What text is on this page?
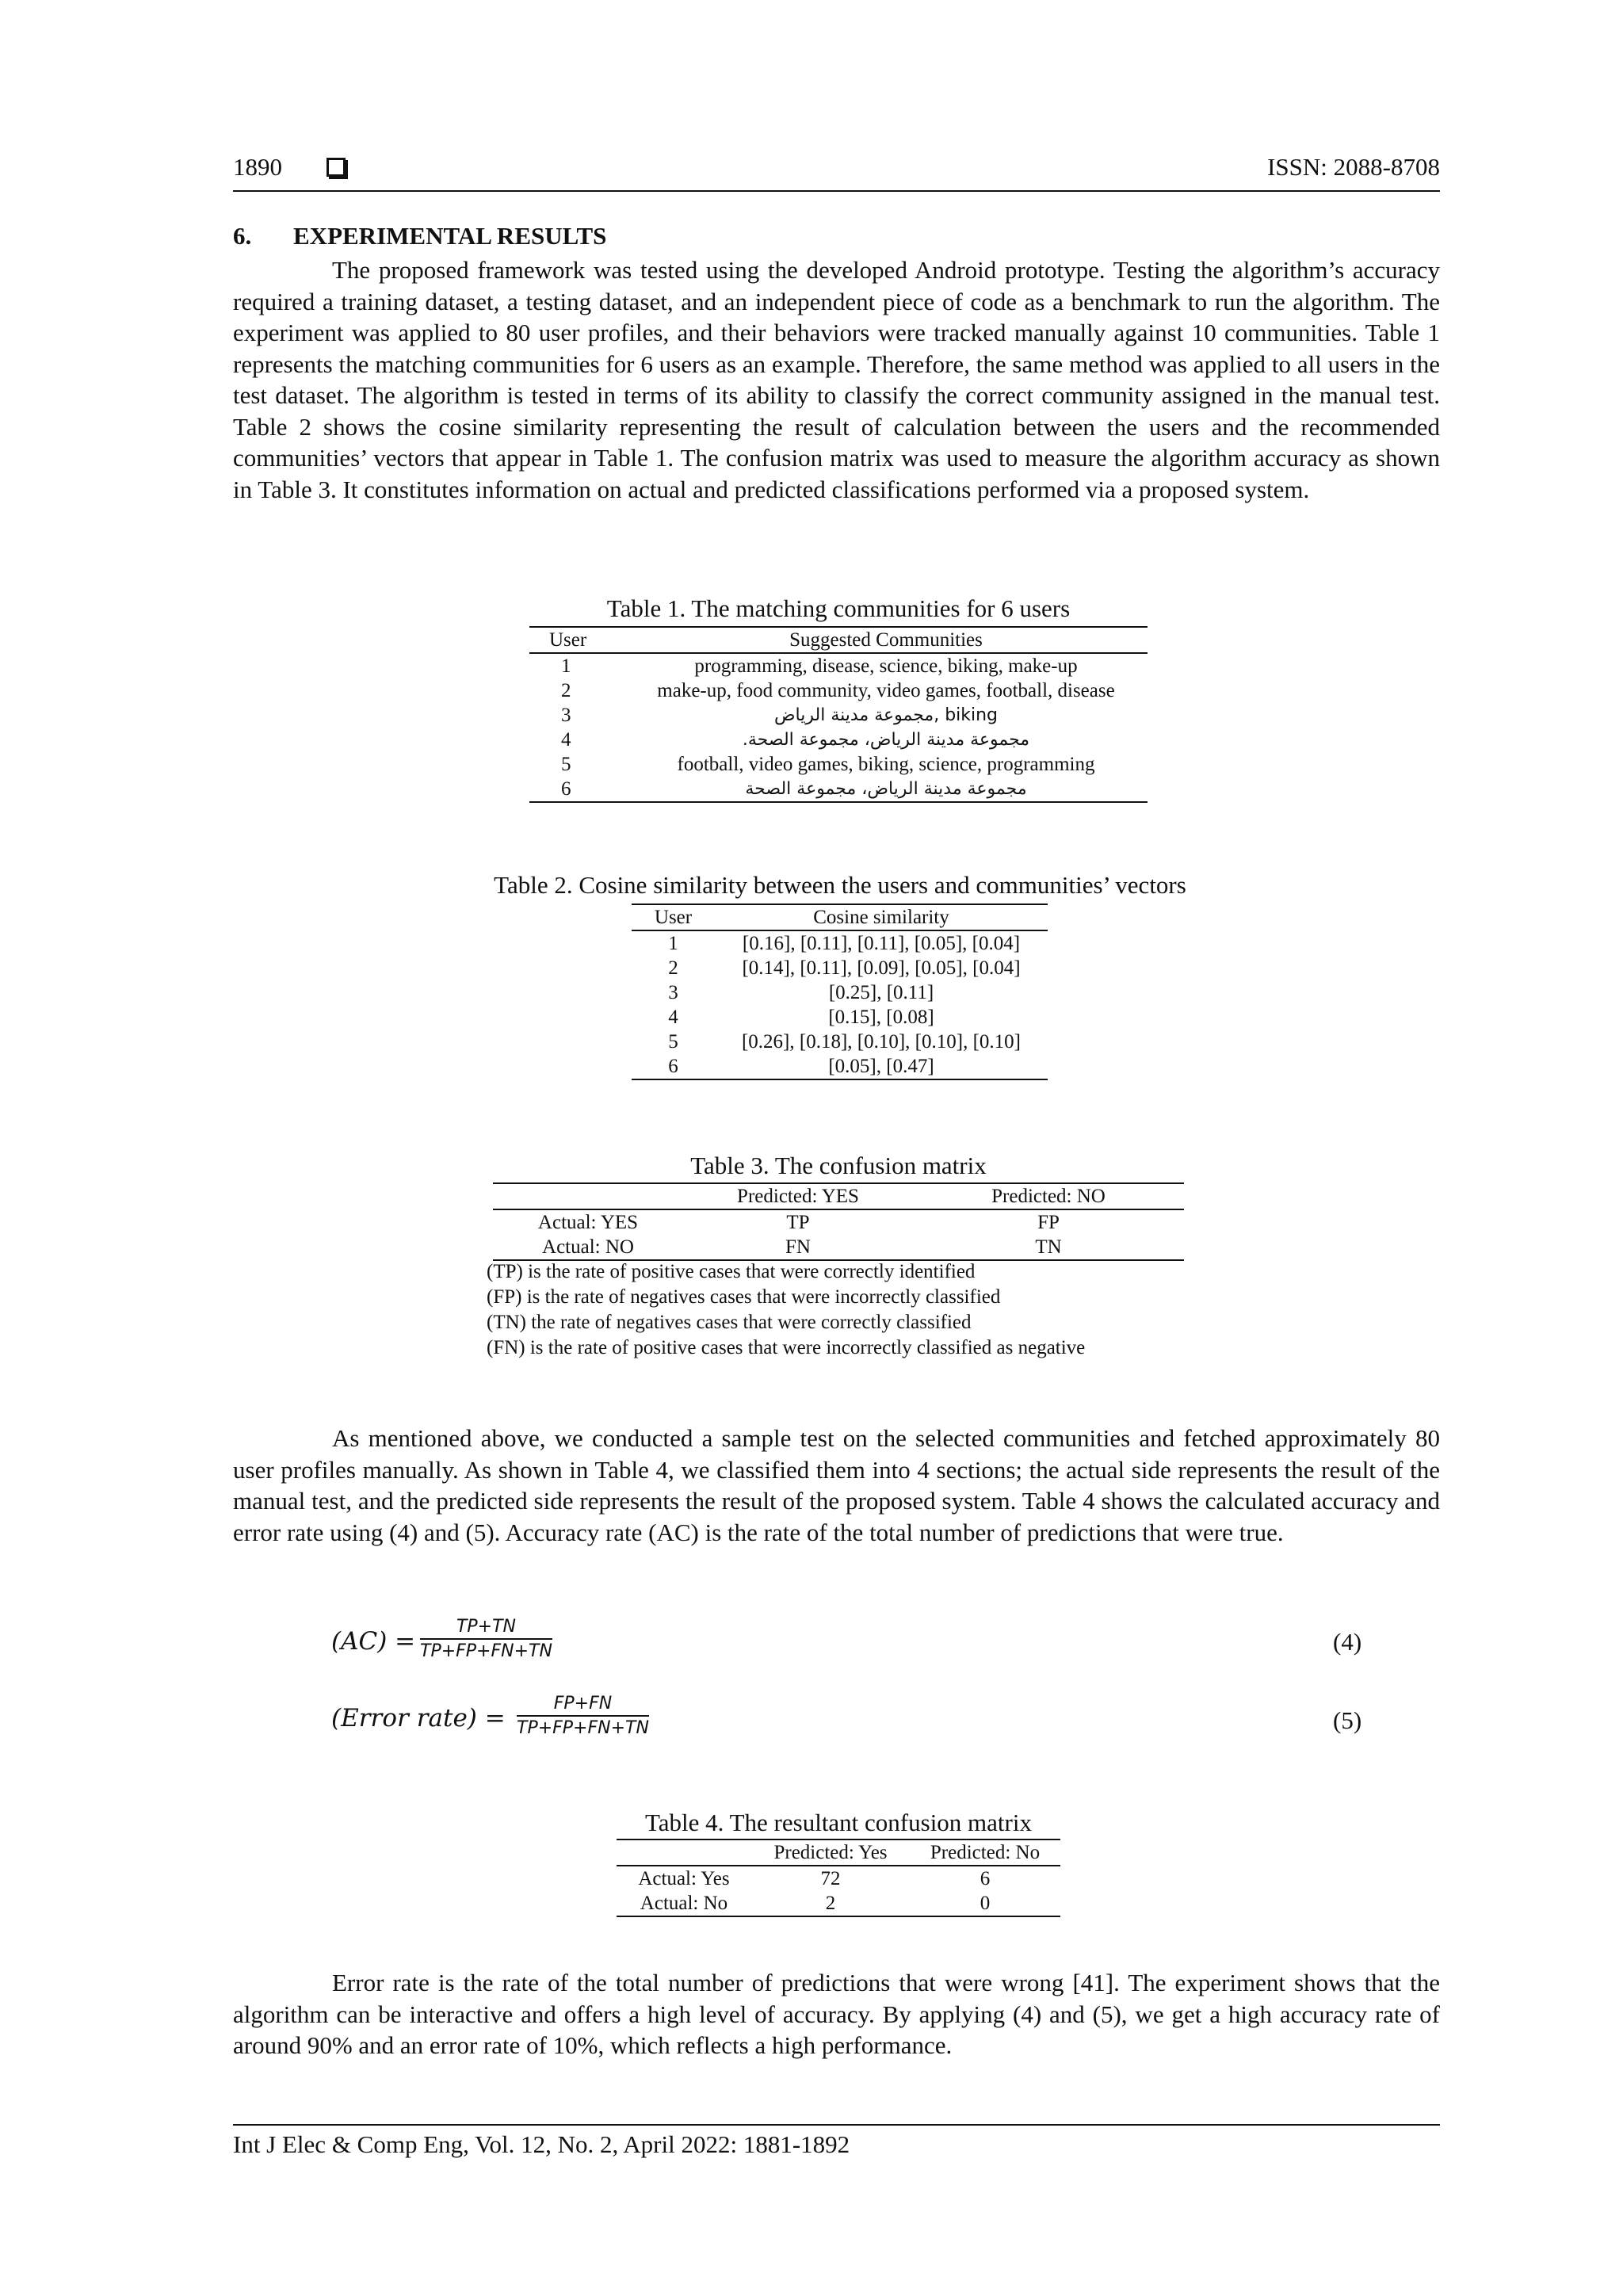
1890	ISSN: 2088-8708
6. EXPERIMENTAL RESULTS
The proposed framework was tested using the developed Android prototype. Testing the algorithm’s accuracy required a training dataset, a testing dataset, and an independent piece of code as a benchmark to run the algorithm. The experiment was applied to 80 user profiles, and their behaviors were tracked manually against 10 communities. Table 1 represents the matching communities for 6 users as an example. Therefore, the same method was applied to all users in the test dataset. The algorithm is tested in terms of its ability to classify the correct community assigned in the manual test. Table 2 shows the cosine similarity representing the result of calculation between the users and the recommended communities’ vectors that appear in Table 1. The confusion matrix was used to measure the algorithm accuracy as shown in Table 3. It constitutes information on actual and predicted classifications performed via a proposed system.
Table 1. The matching communities for 6 users
User	Suggested Communities
1	programming, disease, science, biking, make-up
2	make-up, food community, video games, football, disease
3	biking ,مجموعة مدينة الرياض
4	مجموعة مدينة الرياض، مجموعة الصحة.
5	football, video games, biking, science, programming
6	مجموعة مدينة الرياض، مجموعة الصحة
Table 2. Cosine similarity between the users and communities’ vectors
User	Cosine similarity
1	[0.16], [0.11], [0.11], [0.05], [0.04]
2	[0.14], [0.11], [0.09], [0.05], [0.04]
3	[0.25], [0.11]
4	[0.15], [0.08]
5	[0.26], [0.18], [0.10], [0.10], [0.10]
6	[0.05], [0.47]
Table 3. The confusion matrix
	Predicted: YES	Predicted: NO
Actual: YES	TP	FP
Actual: NO	FN	TN
(TP) is the rate of positive cases that were correctly identified
(FP) is the rate of negatives cases that were incorrectly classified
(TN) the rate of negatives cases that were correctly classified
(FN) is the rate of positive cases that were incorrectly classified as negative
As mentioned above, we conducted a sample test on the selected communities and fetched approximately 80 user profiles manually. As shown in Table 4, we classified them into 4 sections; the actual side represents the result of the manual test, and the predicted side represents the result of the proposed system. Table 4 shows the calculated accuracy and error rate using (4) and (5). Accuracy rate (AC) is the rate of the total number of predictions that were true.
$(AC) = \frac{TP+TN}{TP+FP+FN+TN}$	(4)
(Error rate) = $\frac{FP+FN}{TP+FP+FN+TN}$	(5)
Table 4. The resultant confusion matrix
	Predicted: Yes	Predicted: No
Actual: Yes	72	6
Actual: No	2	0
Error rate is the rate of the total number of predictions that were wrong [41]. The experiment shows that the algorithm can be interactive and offers a high level of accuracy. By applying (4) and (5), we get a high accuracy rate of around 90% and an error rate of 10%, which reflects a high performance.
Int J Elec & Comp Eng, Vol. 12, No. 2, April 2022: 1881-1892
